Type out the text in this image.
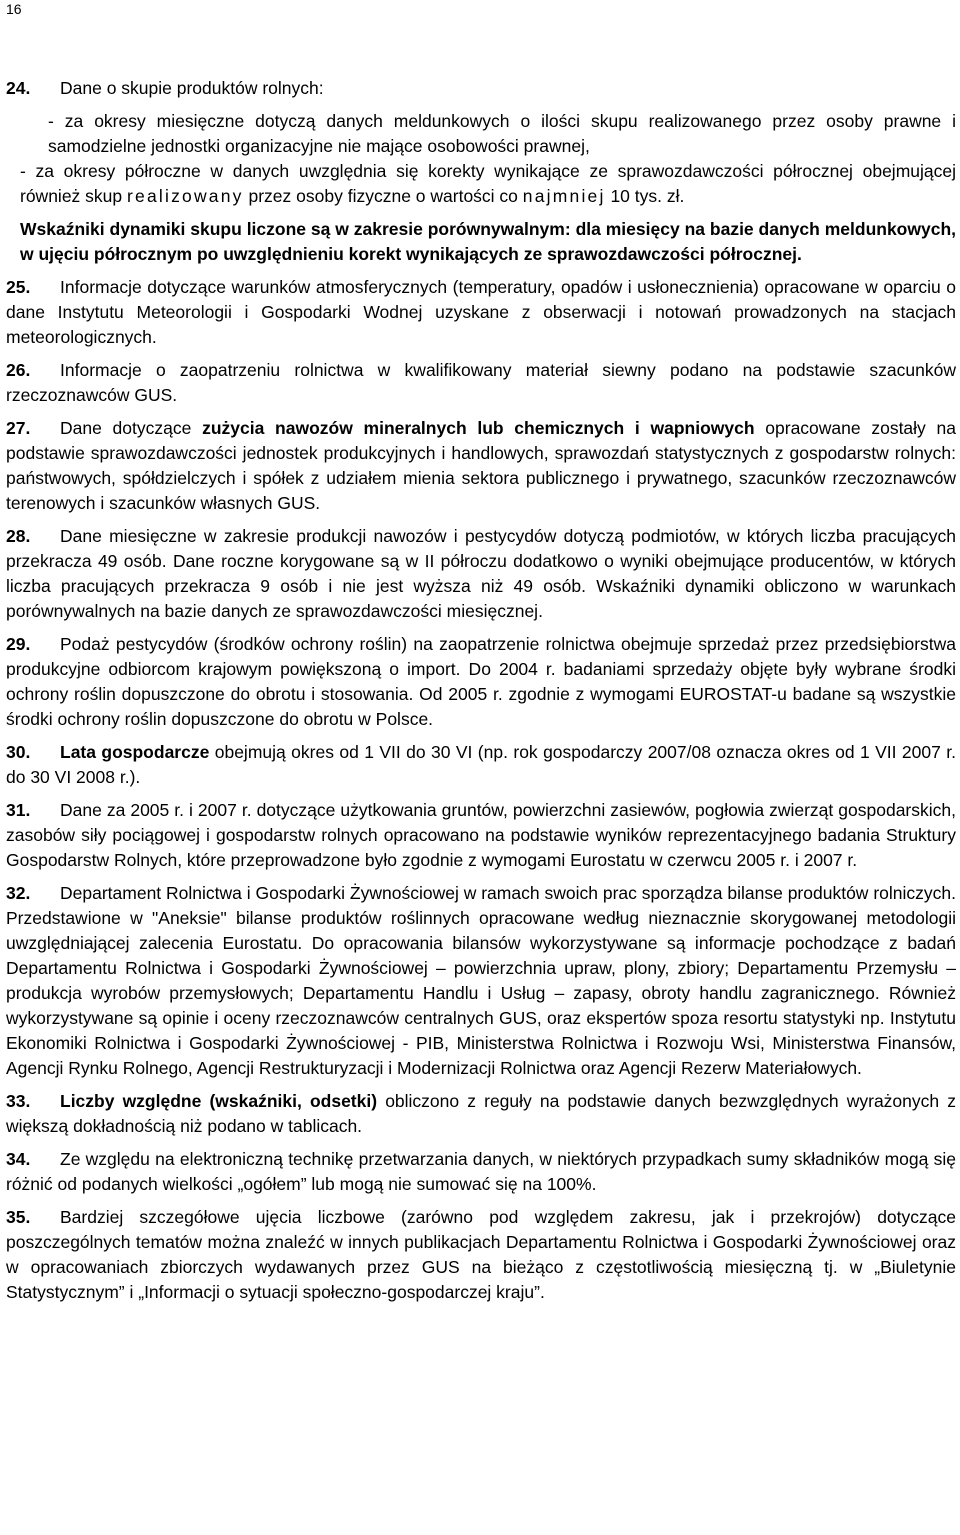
16

24. Dane o skupie produktów rolnych:

- za okresy miesięczne dotyczą danych meldunkowych o ilości skupu realizowanego przez osoby prawne i samodzielne jednostki organizacyjne nie mające osobowości prawnej,

- za okresy półroczne w danych uwzględnia się korekty wynikające ze sprawozdawczości półrocznej obejmującej również skup realizowany przez osoby fizyczne o wartości co najmniej 10 tys. zł.

Wskaźniki dynamiki skupu liczone są w zakresie porównywalnym: dla miesięcy na bazie danych meldunkowych, w ujęciu półrocznym po uwzględnieniu korekt wynikających ze sprawozdawczości półrocznej.

25. Informacje dotyczące warunków atmosferycznych (temperatury, opadów i usłonecznienia) opracowane w oparciu o dane Instytutu Meteorologii i Gospodarki Wodnej uzyskane z obserwacji i notowań prowadzonych na stacjach meteorologicznych.

26. Informacje o zaopatrzeniu rolnictwa w kwalifikowany materiał siewny podano na podstawie szacunków rzeczoznawców GUS.

27. Dane dotyczące zużycia nawozów mineralnych lub chemicznych i wapniowych opracowane zostały na podstawie sprawozdawczości jednostek produkcyjnych i handlowych, sprawozdań statystycznych z gospodarstw rolnych: państwowych, spółdzielczych i spółek z udziałem mienia sektora publicznego i prywatnego, szacunków rzeczoznawców terenowych i szacunków własnych GUS.

28. Dane miesięczne w zakresie produkcji nawozów i pestycydów dotyczą podmiotów, w których liczba pracujących przekracza 49 osób. Dane roczne korygowane są w II półroczu dodatkowo o wyniki obejmujące producentów, w których liczba pracujących przekracza 9 osób i nie jest wyższa niż 49 osób. Wskaźniki dynamiki obliczono w warunkach porównywalnych na bazie danych ze sprawozdawczości miesięcznej.

29. Podaż pestycydów (środków ochrony roślin) na zaopatrzenie rolnictwa obejmuje sprzedaż przez przedsiębiorstwa produkcyjne odbiorcom krajowym powiększoną o import. Do 2004 r. badaniami sprzedaży objęte były wybrane środki ochrony roślin dopuszczone do obrotu i stosowania. Od 2005 r. zgodnie z wymogami EUROSTAT-u badane są wszystkie środki ochrony roślin dopuszczone do obrotu w Polsce.

30. Lata gospodarcze obejmują okres od 1 VII do 30 VI (np. rok gospodarczy 2007/08 oznacza okres od 1 VII 2007 r. do 30 VI 2008 r.).

31. Dane za 2005 r. i 2007 r. dotyczące użytkowania gruntów, powierzchni zasiewów, pogłowia zwierząt gospodarskich, zasobów siły pociągowej i gospodarstw rolnych opracowano na podstawie wyników reprezentacyjnego badania Struktury Gospodarstw Rolnych, które przeprowadzone było zgodnie z wymogami Eurostatu w czerwcu 2005 r. i 2007 r.

32. Departament Rolnictwa i Gospodarki Żywnościowej w ramach swoich prac sporządza bilanse produktów rolniczych. Przedstawione w "Aneksie" bilanse produktów roślinnych opracowane według nieznacznie skorygowanej metodologii uwzględniającej zalecenia Eurostatu. Do opracowania bilansów wykorzystywane są informacje pochodzące z badań Departamentu Rolnictwa i Gospodarki Żywnościowej – powierzchnia upraw, plony, zbiory; Departamentu Przemysłu – produkcja wyrobów przemysłowych; Departamentu Handlu i Usług – zapasy, obroty handlu zagranicznego. Również wykorzystywane są opinie i oceny rzeczoznawców centralnych GUS, oraz ekspertów spoza resortu statystyki np. Instytutu Ekonomiki Rolnictwa i Gospodarki Żywnościowej - PIB, Ministerstwa Rolnictwa i Rozwoju Wsi, Ministerstwa Finansów, Agencji Rynku Rolnego, Agencji Restrukturyzacji i Modernizacji Rolnictwa oraz Agencji Rezerw Materiałowych.

33. Liczby względne (wskaźniki, odsetki) obliczono z reguły na podstawie danych bezwzględnych wyrażonych z większą dokładnością niż podano w tablicach.

34. Ze względu na elektroniczną technikę przetwarzania danych, w niektórych przypadkach sumy składników mogą się różnić od podanych wielkości „ogółem” lub mogą nie sumować się na 100%.

35. Bardziej szczegółowe ujęcia liczbowe (zarówno pod względem zakresu, jak i przekrojów) dotyczące poszczególnych tematów można znaleźć w innych publikacjach Departamentu Rolnictwa i Gospodarki Żywnościowej oraz w opracowaniach zbiorczych wydawanych przez GUS na bieżąco z częstotliwością miesięczną tj. w „Biuletynie Statystycznym” i „Informacji o sytuacji społeczno-gospodarczej kraju”.
